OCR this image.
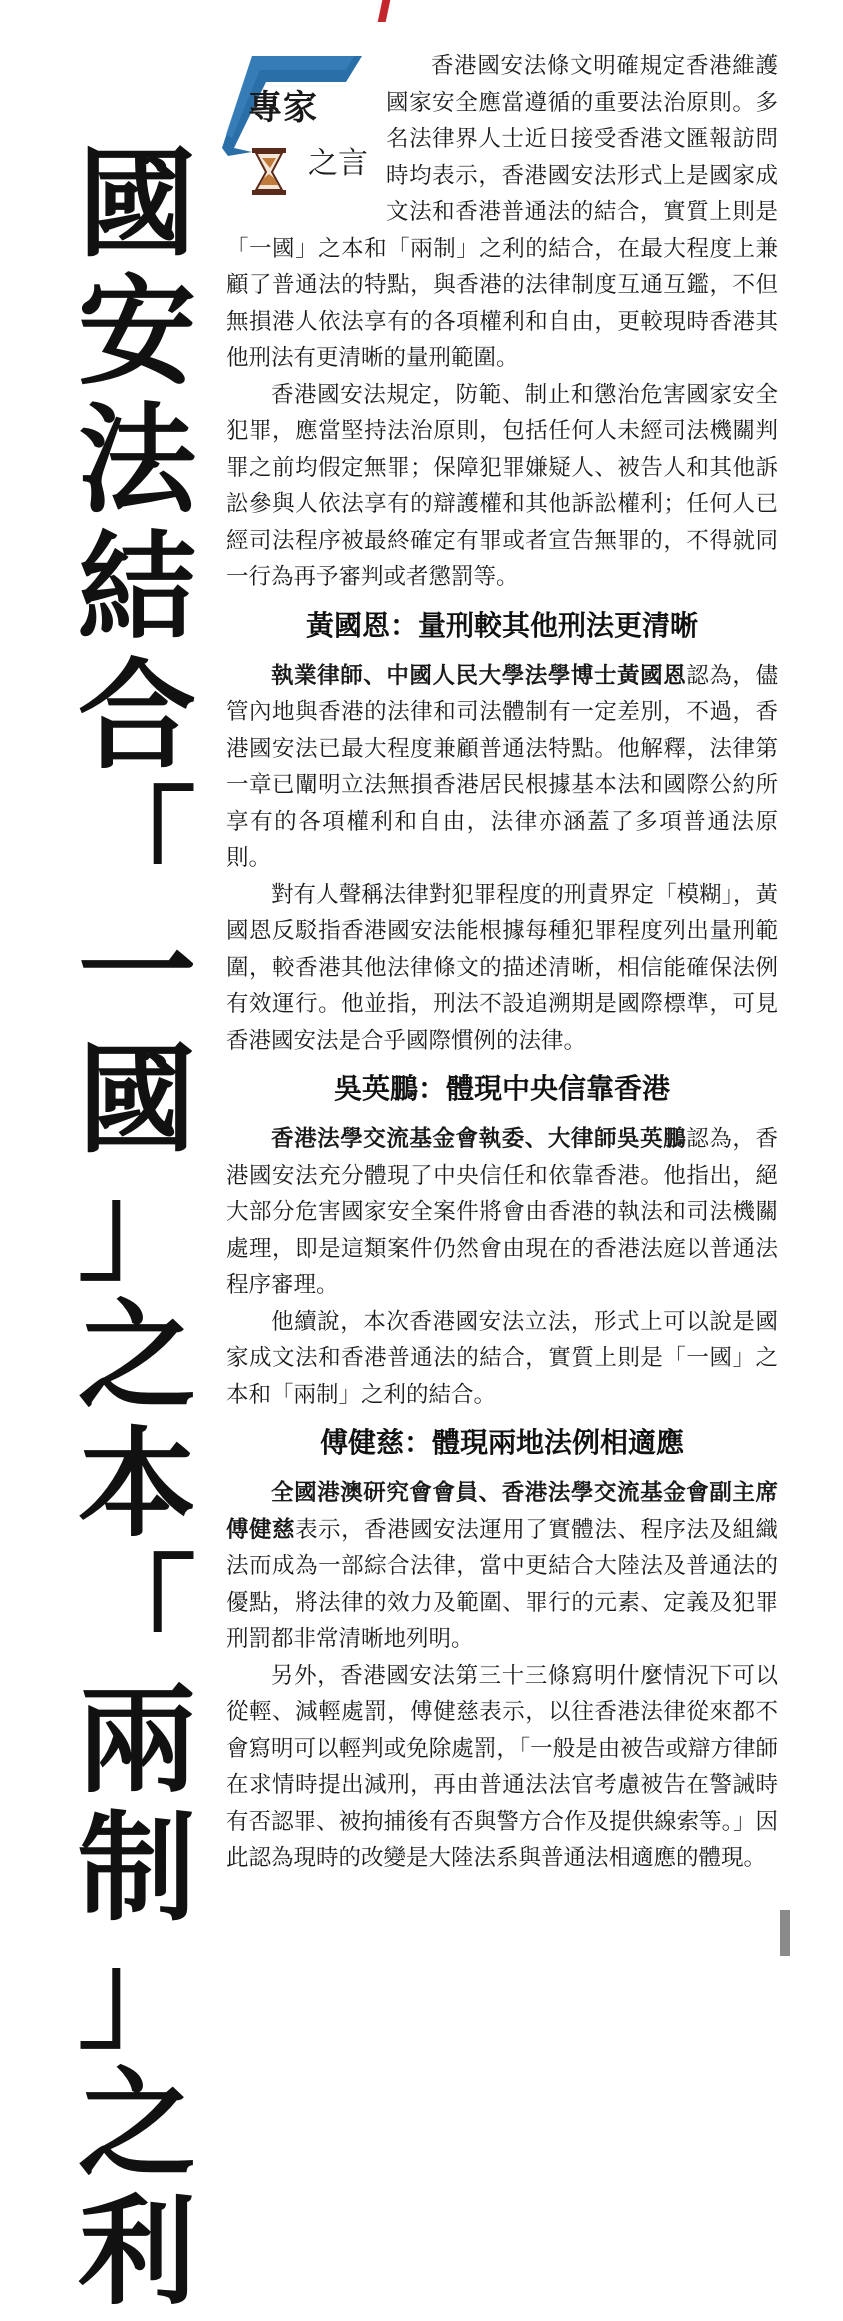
國
安
法
結
合
「
一
國
」
之
本
「
兩
制
」
之
利
專家
之言

香港國安法條文明確規定香港維護國家安全應當遵循的重要法治原則。多名法律界人士近日接受香港文匯報訪問時均表示，香港國安法形式上是國家成文法和香港普通法的結合，實質上則是「一國」之本和「兩制」之利的結合，在最大程度上兼顧了普通法的特點，與香港的法律制度互通互鑑，不但無損港人依法享有的各項權利和自由，更較現時香港其他刑法有更清晰的量刑範圍。

香港國安法規定，防範、制止和懲治危害國家安全犯罪，應當堅持法治原則，包括任何人未經司法機關判罪之前均假定無罪；保障犯罪嫌疑人、被告人和其他訴訟參與人依法享有的辯護權和其他訴訟權利；任何人已經司法程序被最終確定有罪或者宣告無罪的，不得就同一行為再予審判或者懲罰等。

黃國恩：量刑較其他刑法更清晰

執業律師、中國人民大學法學博士黃國恩認為，儘管內地與香港的法律和司法體制有一定差別，不過，香港國安法已最大程度兼顧普通法特點。他解釋，法律第一章已闡明立法無損香港居民根據基本法和國際公約所享有的各項權利和自由，法律亦涵蓋了多項普通法原則。

對有人聲稱法律對犯罪程度的刑責界定「模糊」，黃國恩反駁指香港國安法能根據每種犯罪程度列出量刑範圍，較香港其他法律條文的描述清晰，相信能確保法例有效運行。他並指，刑法不設追溯期是國際標準，可見香港國安法是合乎國際慣例的法律。

吳英鵬：體現中央信靠香港

香港法學交流基金會執委、大律師吳英鵬認為，香港國安法充分體現了中央信任和依靠香港。他指出，絕大部分危害國家安全案件將會由香港的執法和司法機關處理，即是這類案件仍然會由現在的香港法庭以普通法程序審理。

他續說，本次香港國安法立法，形式上可以說是國家成文法和香港普通法的結合，實質上則是「一國」之本和「兩制」之利的結合。

傅健慈：體現兩地法例相適應

全國港澳研究會會員、香港法學交流基金會副主席傅健慈表示，香港國安法運用了實體法、程序法及組織法而成為一部綜合法律，當中更結合大陸法及普通法的優點，將法律的效力及範圍、罪行的元素、定義及犯罪刑罰都非常清晰地列明。

另外，香港國安法第三十三條寫明什麼情況下可以從輕、減輕處罰，傅健慈表示，以往香港法律從來都不會寫明可以輕判或免除處罰，「一般是由被告或辯方律師在求情時提出減刑，再由普通法法官考慮被告在警誡時有否認罪、被拘捕後有否與警方合作及提供線索等。」因此認為現時的改變是大陸法系與普通法相適應的體現。
